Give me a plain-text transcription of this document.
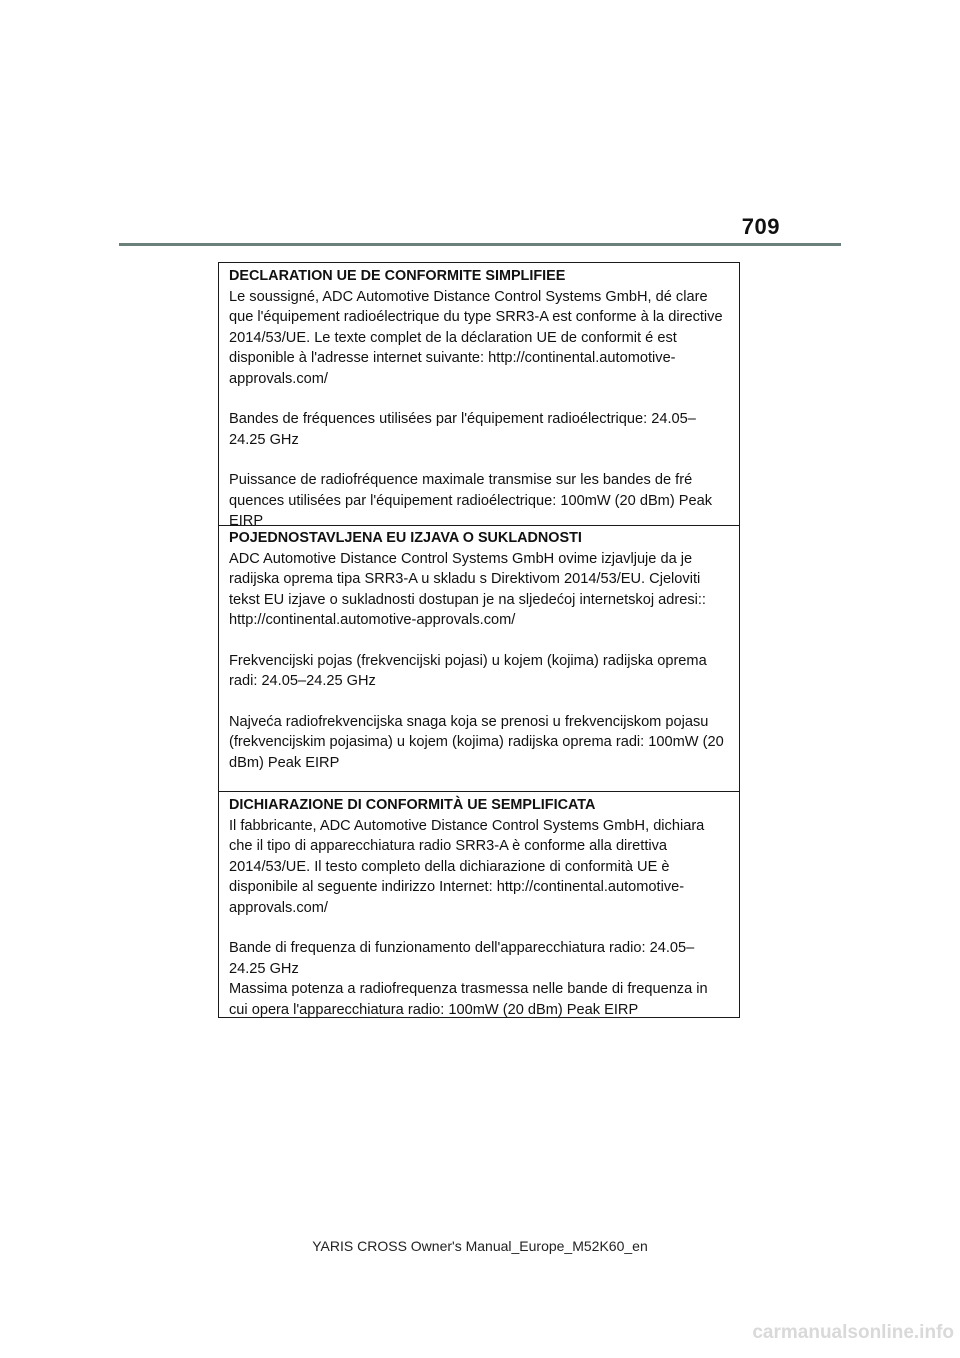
709

DECLARATION UE DE CONFORMITE SIMPLIFIEE

Le soussigné, ADC Automotive Distance Control Systems GmbH, dé clare que l'équipement radioélectrique du type SRR3-A est conforme à la directive 2014/53/UE. Le texte complet de la déclaration UE de conformit é est disponible à l'adresse internet suivante: http://continental.automotive-approvals.com/

Bandes de fréquences utilisées par l'équipement radioélectrique: 24.05–24.25 GHz

Puissance de radiofréquence maximale transmise sur les bandes de fré quences utilisées par l'équipement radioélectrique: 100mW (20 dBm) Peak EIRP

POJEDNOSTAVLJENA EU IZJAVA O SUKLADNOSTI

ADC Automotive Distance Control Systems GmbH ovime izjavljuje da je radijska oprema tipa SRR3-A u skladu s Direktivom 2014/53/EU. Cjeloviti tekst EU izjave o sukladnosti dostupan je na sljedećoj internetskoj adresi:: http://continental.automotive-approvals.com/

Frekvencijski pojas (frekvencijski pojasi) u kojem (kojima) radijska oprema radi: 24.05–24.25 GHz

Najveća radiofrekvencijska snaga koja se prenosi u frekvencijskom pojasu (frekvencijskim pojasima) u kojem (kojima) radijska oprema radi: 100mW (20 dBm) Peak EIRP

DICHIARAZIONE DI CONFORMITÀ UE SEMPLIFICATA

Il fabbricante, ADC Automotive Distance Control Systems GmbH, dichiara che il tipo di apparecchiatura radio SRR3-A è conforme alla direttiva 2014/53/UE. Il testo completo della dichiarazione di conformità UE è disponibile al seguente indirizzo Internet: http://continental.automotive-approvals.com/

Bande di frequenza di funzionamento dell'apparecchiatura radio: 24.05–24.25 GHz

Massima potenza a radiofrequenza trasmessa nelle bande di frequenza in cui opera l'apparecchiatura radio: 100mW (20 dBm) Peak EIRP

YARIS CROSS Owner's Manual_Europe_M52K60_en
carmanualsonline.info
